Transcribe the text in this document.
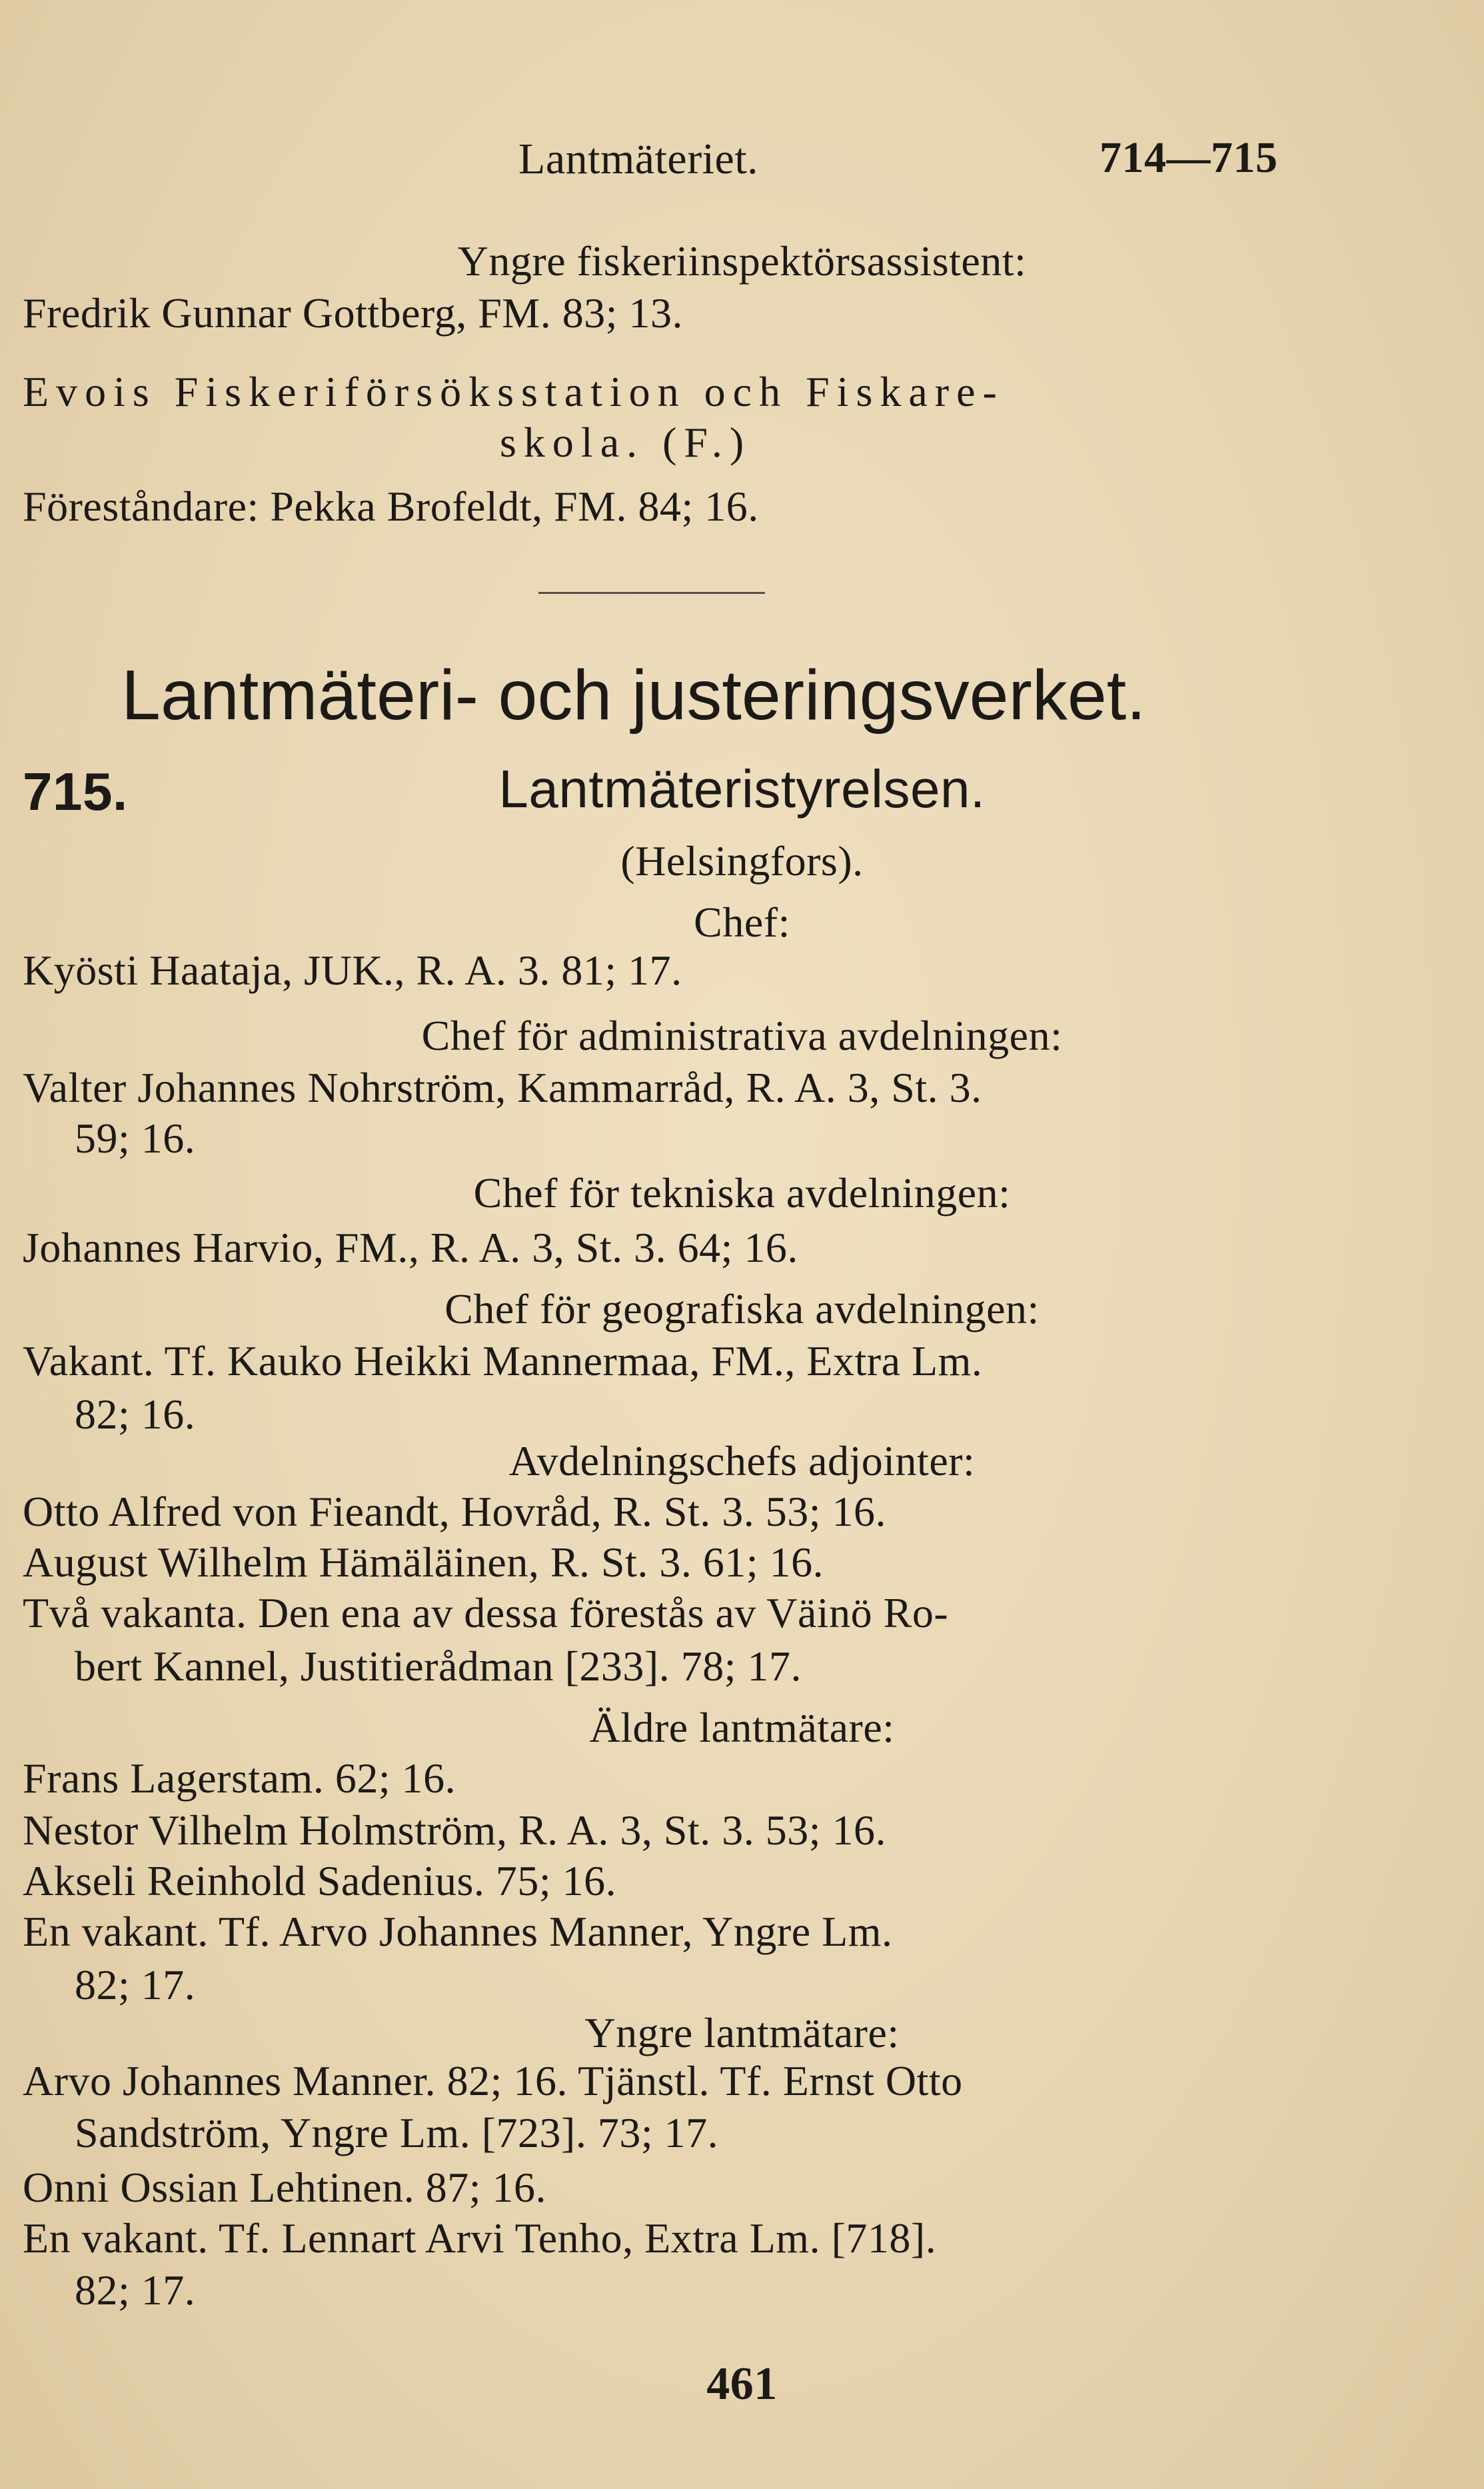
Lantmäteriet.	714—715
Yngre fiskeriinspektörsassistent:
Fredrik Gunnar Gottberg, FM. 83; 13.
Evois Fiskeriförsöksstation och Fiskare-
skola. (F.)
Föreståndare: Pekka Brofeldt, FM. 84; 16.
Lantmäteri- och justeringsverket.
715.	Lantmäteristyrelsen.
(Helsingfors).
Chef:
Kyösti Haataja, JUK., R. A. 3. 81; 17.
Chef för administrativa avdelningen:
Valter Johannes Nohrström, Kammarråd, R. A. 3, St. 3.
59; 16.
Chef för tekniska avdelningen:
Johannes Harvio, FM., R. A. 3, St. 3. 64; 16.
Chef för geografiska avdelningen:
Vakant. Tf. Kauko Heikki Mannermaa, FM., Extra Lm.
82; 16.
Avdelningschefs adjointer:
Otto Alfred von Fieandt, Hovråd, R. St. 3. 53; 16.
August Wilhelm Hämäläinen, R. St. 3. 61; 16.
Två vakanta. Den ena av dessa förestås av Väinö Ro-
bert Kannel, Justitierådman [233]. 78; 17.
Äldre lantmätare:
Frans Lagerstam. 62; 16.
Nestor Vilhelm Holmström, R. A. 3, St. 3. 53; 16.
Akseli Reinhold Sadenius. 75; 16.
En vakant. Tf. Arvo Johannes Manner, Yngre Lm.
82; 17.
Yngre lantmätare:
Arvo Johannes Manner. 82; 16. Tjänstl. Tf. Ernst Otto
Sandström, Yngre Lm. [723]. 73; 17.
Onni Ossian Lehtinen. 87; 16.
En vakant. Tf. Lennart Arvi Tenho, Extra Lm. [718].
82; 17.
461
